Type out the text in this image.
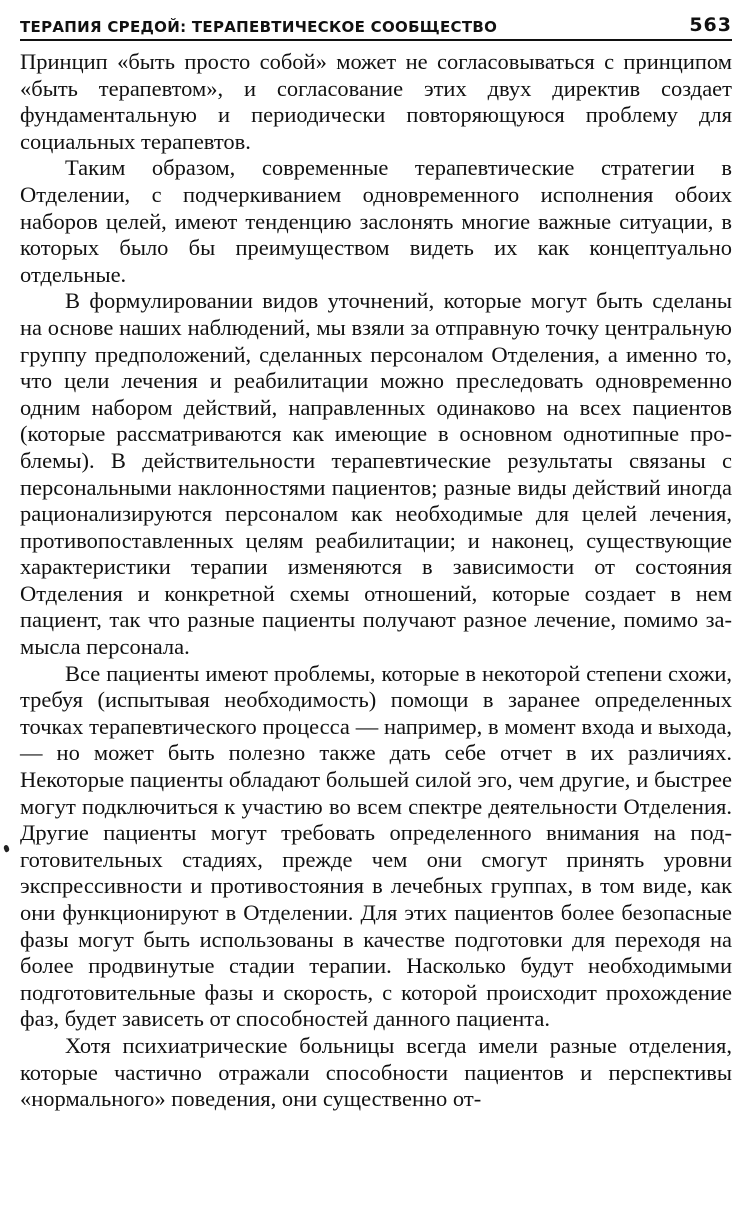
ТЕРАПИЯ СРЕДОЙ: ТЕРАПЕВТИЧЕСКОЕ СООБЩЕСТВО	563

Принцип «быть просто собой» может не согласовываться с принципом «быть терапевтом», и согласование этих двух директив создает фундаментальную и периодически повторяющуюся проблему для социальных терапевтов.

Таким образом, современные терапевтические стратегии в Отделении, с подчеркиванием одновременного исполнения обоих наборов целей, имеют тенденцию заслонять многие важные ситуации, в которых было бы преимуществом видеть их как концептуально отдельные.

В формулировании видов уточнений, которые могут быть сделаны на основе наших наблюдений, мы взяли за отправную точку центральную группу предположений, сделанных персоналом Отделения, а именно то, что цели лечения и реабилитации можно преследовать одновременно одним набором действий, направленных одинаково на всех пациентов (которые рассматриваются как имеющие в основном однотипные проблемы). В действительности терапевтические результаты связаны с персональными наклонностями пациентов; разные виды действий иногда рационализируются персоналом как необходимые для целей лечения, противопоставленных целям реабилитации; и наконец, существующие характеристики терапии изменяются в зависимости от состояния Отделения и конкретной схемы отношений, которые создает в нем пациент, так что разные пациенты получают разное лечение, помимо замысла персонала.

Все пациенты имеют проблемы, которые в некоторой степени схожи, требуя (испытывая необходимость) помощи в заранее определенных точках терапевтического процесса — например, в момент входа и выхода, — но может быть полезно также дать себе отчет в их различиях. Некоторые пациенты обладают большей силой эго, чем другие, и быстрее могут подключиться к участию во всем спектре деятельности Отделения. Другие пациенты могут требовать определенного внимания на подготовительных стадиях, прежде чем они смогут принять уровни экспрессивности и противостояния в лечебных группах, в том виде, как они функционируют в Отделении. Для этих пациентов более безопасные фазы могут быть использованы в качестве подготовки для переходя на более продвинутые стадии терапии. Насколько будут необходимыми подготовительные фазы и скорость, с которой происходит прохождение фаз, будет зависеть от способностей данного пациента.

Хотя психиатрические больницы всегда имели разные отделения, которые частично отражали способности пациентов и перспективы «нормального» поведения, они существенно от-
